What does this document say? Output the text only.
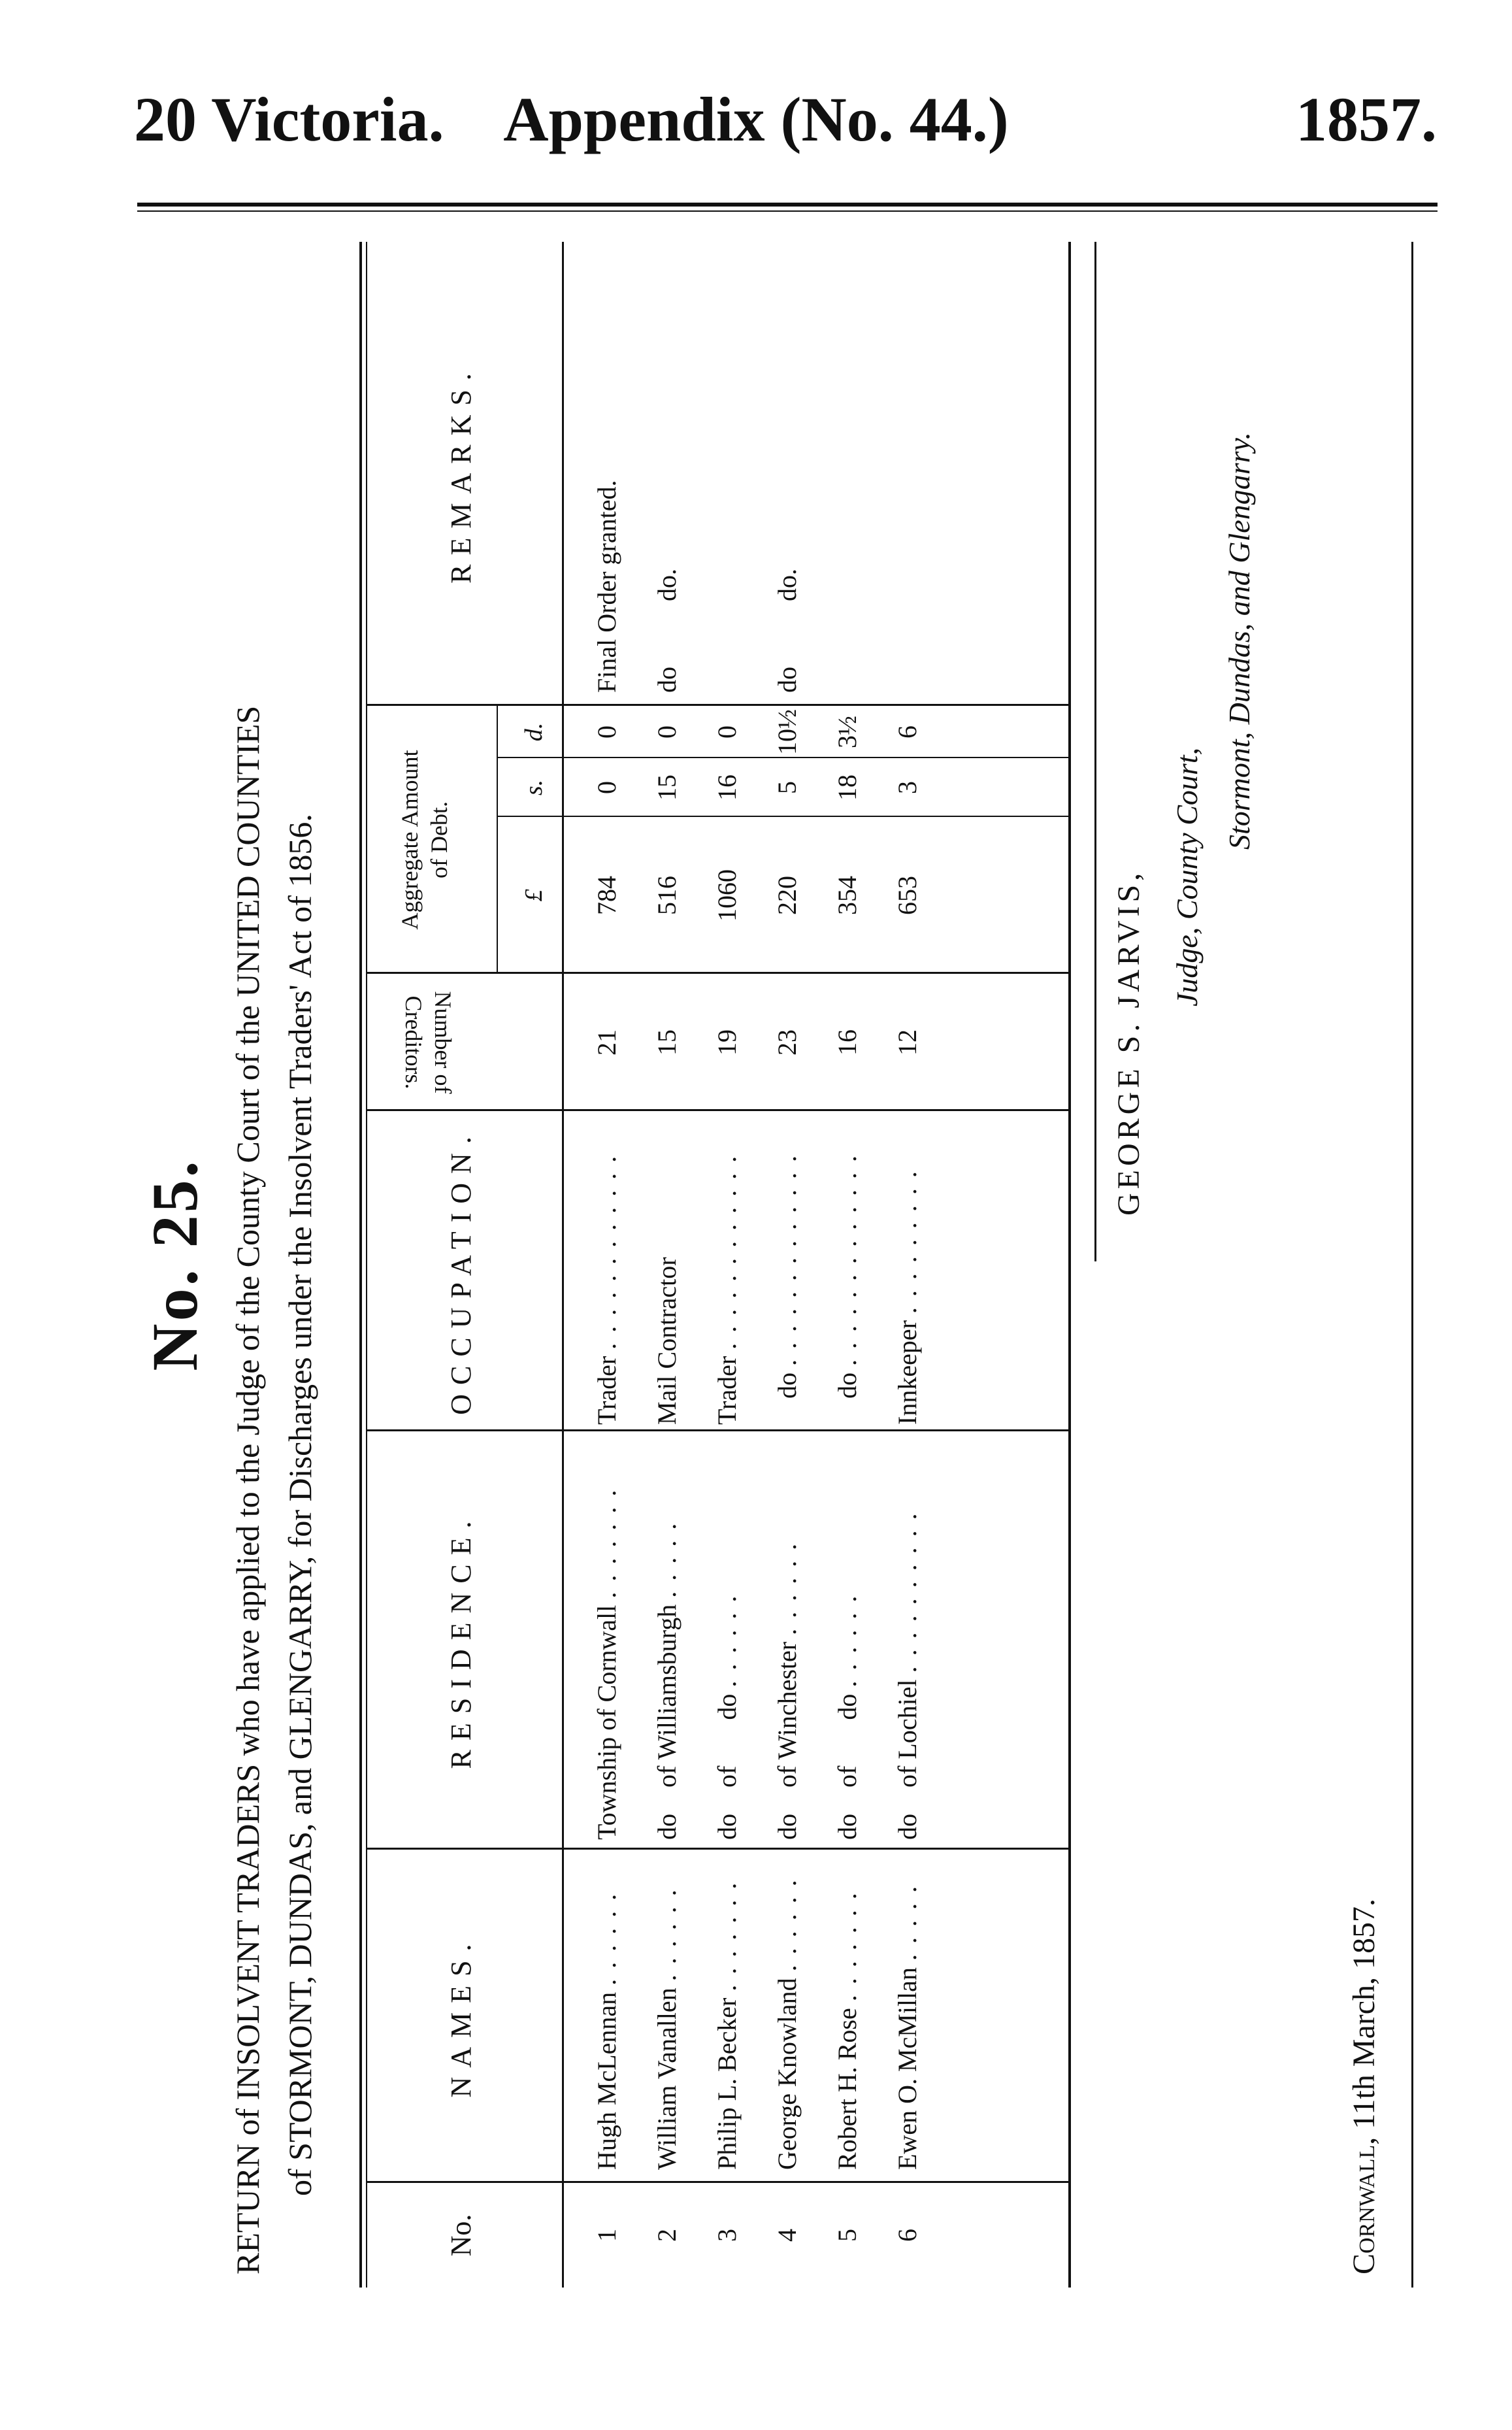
20 Victoria. Appendix (No. 44.)	1857.
No. 25. RETURN of INSOLVENT TRADERS who have applied to the Judge of the County Court of the UNITED COUNTIES of STORMONT, DUNDAS, and GLENGARRY, for Discharges under the Insolvent Traders' Act of 1856.
No.
NAMES.
RESIDENCE.
OCCUPATION.
Number of Creditors.
Aggregate Amount of Debt.
REMARKS.
£
s.
d.
1
Hugh McLennan . . . . . .
Township of Cornwall . . . . . . .
Trader . . . . . . . . . . . .
21
784
0
0
Final Order granted.
2
William Vanallen . . . . . .
do    of Williamsburgh . . . . .
Mail Contractor
15
516
15
0
do do.
3
Philip L. Becker . . . . . . .
do    of do . . . . . .
Trader . . . . . . . . . . . .
19
1060
16
0
4
George Knowland . . . . . .
do    of Winchester . . . . . .
do . . . . . . . . . . . . .
23
220
5
10½
do do.
5
Robert H. Rose . . . . . . .
do    of do . . . . . .
do . . . . . . . . . . . . .
16
354
18
3½
6
Ewen O. McMillan . . . . .
do    of Lochiel . . . . . . . . . .
Innkeeper . . . . . . . . .
12
653
3
6
GEORGE S. JARVIS, Judge, County Court,
Stormont, Dundas, and Glengarry.
Cornwall, 11th March, 1857.
